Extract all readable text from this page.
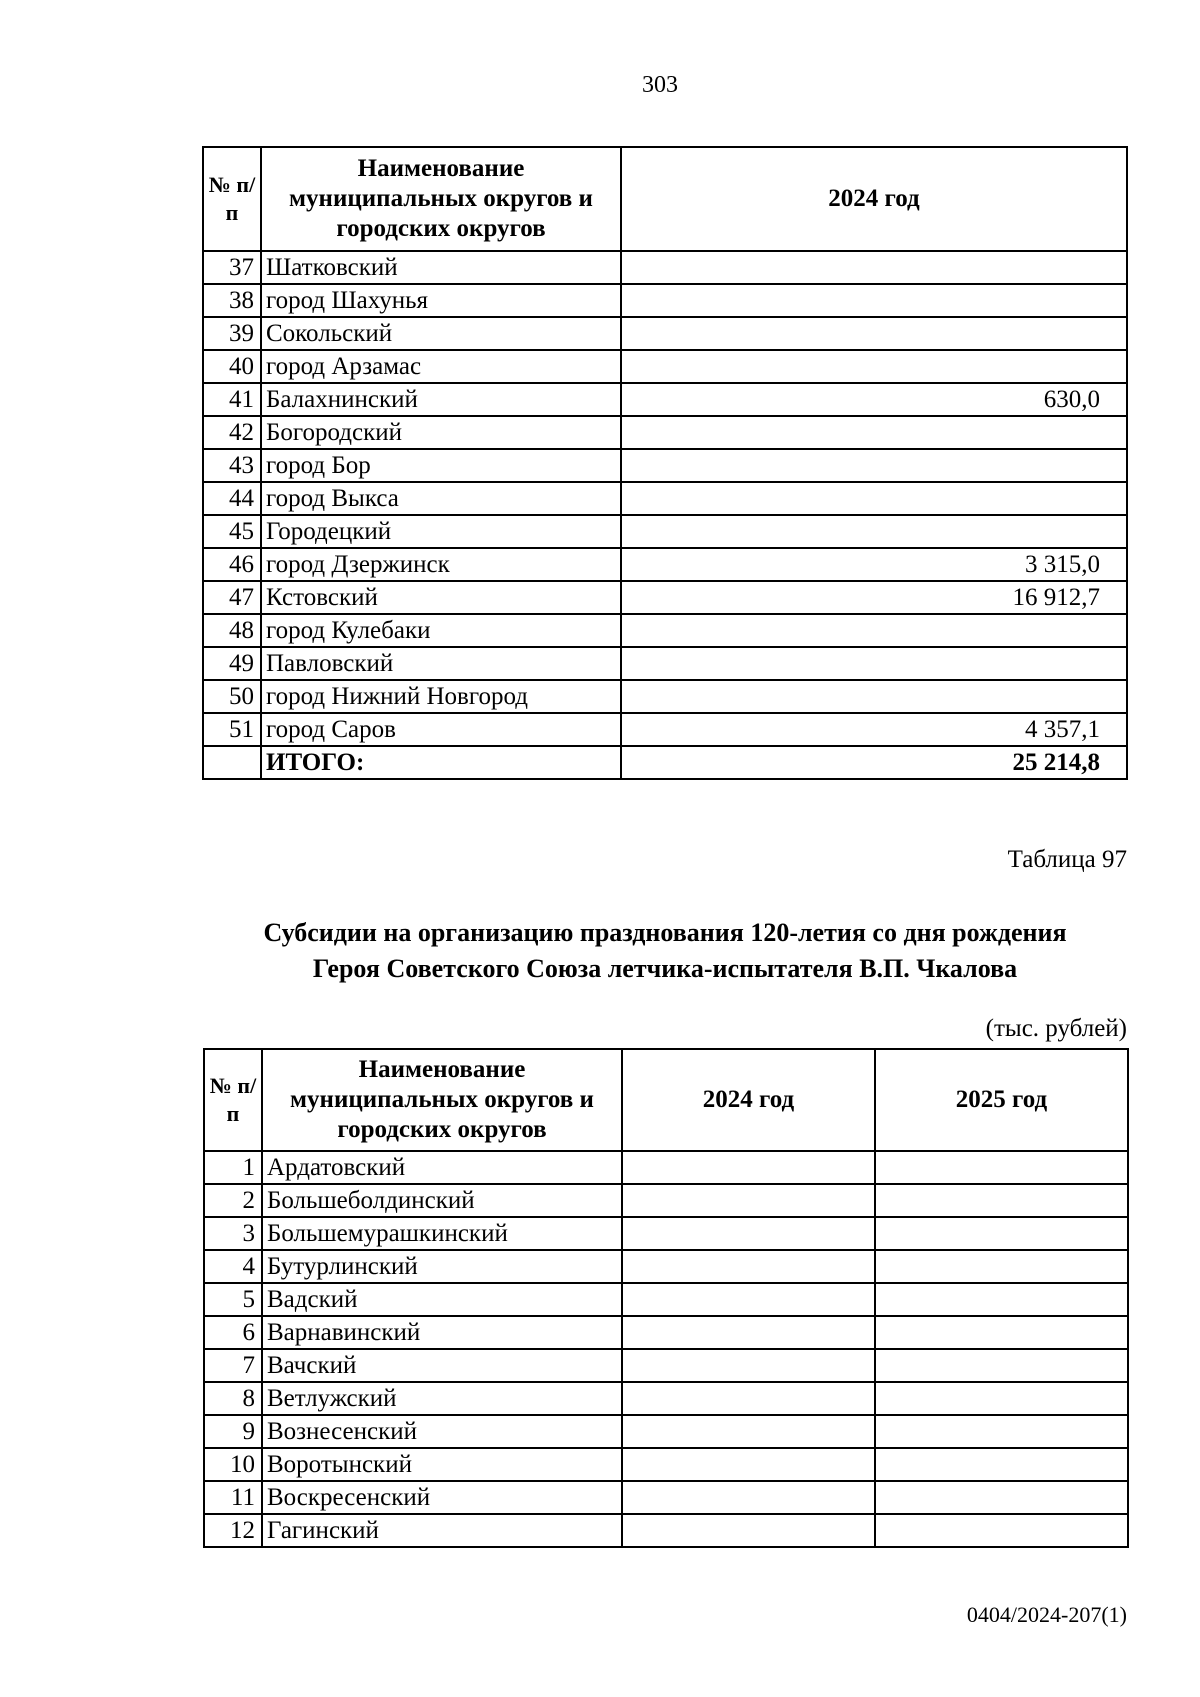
303
№ п/п	Наименование муниципальных округов и городских округов	2024 год
37	Шатковский	
38	город Шахунья	
39	Сокольский	
40	город Арзамас	
41	Балахнинский	630,0
42	Богородский	
43	город Бор	
44	город Выкса	
45	Городецкий	
46	город Дзержинск	3 315,0
47	Кстовский	16 912,7
48	город Кулебаки	
49	Павловский	
50	город Нижний Новгород	
51	город Саров	4 357,1
	ИТОГО:	25 214,8
Таблица 97
Субсидии на организацию празднования 120-летия со дня рождения
Героя Советского Союза летчика-испытателя В.П. Чкалова
(тыс. рублей)
№ п/п	Наименование муниципальных округов и городских округов	2024 год	2025 год
1	Ардатовский		
2	Большеболдинский		
3	Большемурашкинский		
4	Бутурлинский		
5	Вадский		
6	Варнавинский		
7	Вачский		
8	Ветлужский		
9	Вознесенский		
10	Воротынский		
11	Воскресенский		
12	Гагинский		
0404/2024-207(1)
